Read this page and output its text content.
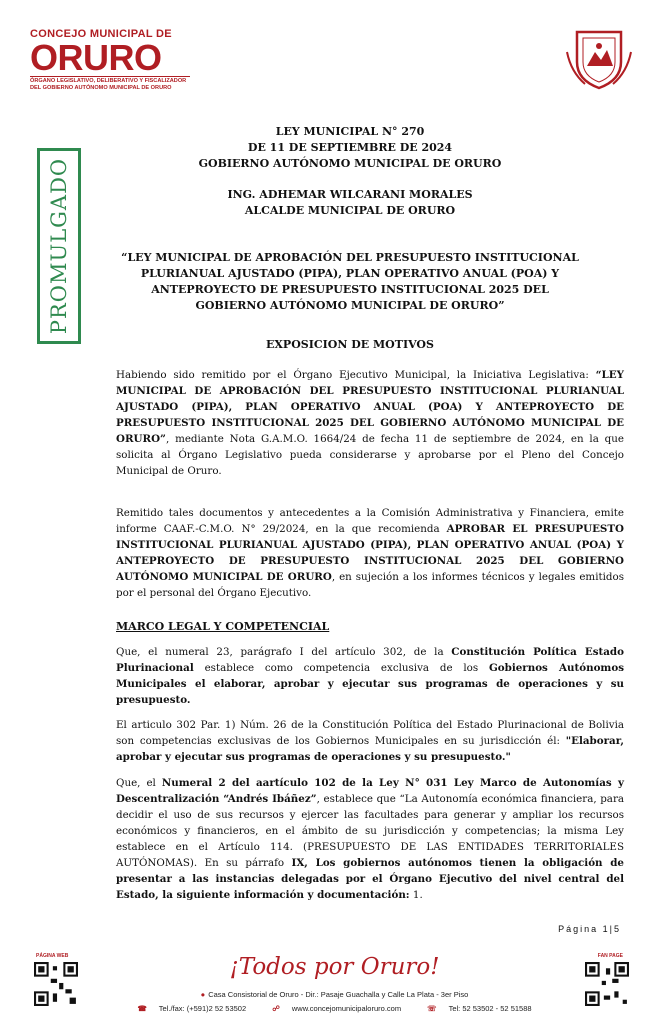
CONCEJO MUNICIPAL DE
ORURO
ÓRGANO LEGISLATIVO, DELIBERATIVO Y FISCALIZADOR
DEL GOBIERNO AUTÓNOMO MUNICIPAL DE ORURO
PROMULGADO
LEY MUNICIPAL N° 270
DE 11 DE SEPTIEMBRE DE 2024
GOBIERNO AUTÓNOMO MUNICIPAL DE ORURO
ING. ADHEMAR WILCARANI MORALES
ALCALDE MUNICIPAL DE ORURO
“LEY MUNICIPAL DE APROBACIÓN DEL PRESUPUESTO INSTITUCIONAL
PLURIANUAL AJUSTADO (PIPA), PLAN OPERATIVO ANUAL (POA) Y
ANTEPROYECTO DE PRESUPUESTO INSTITUCIONAL 2025 DEL
GOBIERNO AUTÓNOMO MUNICIPAL DE ORURO”
EXPOSICION DE MOTIVOS
Habiendo sido remitido por el Órgano Ejecutivo Municipal, la Iniciativa Legislativa: “LEY MUNICIPAL DE APROBACIÓN DEL PRESUPUESTO INSTITUCIONAL PLURIANUAL AJUSTADO (PIPA), PLAN OPERATIVO ANUAL (POA) Y ANTEPROYECTO DE PRESUPUESTO INSTITUCIONAL 2025 DEL GOBIERNO AUTÓNOMO MUNICIPAL DE ORURO”, mediante Nota G.A.M.O. 1664/24 de fecha 11 de septiembre de 2024, en la que solicita al Órgano Legislativo pueda considerarse y aprobarse por el Pleno del Concejo Municipal de Oruro.
Remitido tales documentos y antecedentes a la Comisión Administrativa y Financiera, emite informe CAAF.-C.M.O. N° 29/2024, en la que recomienda APROBAR EL PRESUPUESTO INSTITUCIONAL PLURIANUAL AJUSTADO (PIPA), PLAN OPERATIVO ANUAL (POA) Y ANTEPROYECTO DE PRESUPUESTO INSTITUCIONAL 2025 DEL GOBIERNO AUTÓNOMO MUNICIPAL DE ORURO, en sujeción a los informes técnicos y legales emitidos por el personal del Órgano Ejecutivo.
MARCO LEGAL Y COMPETENCIAL
Que, el numeral 23, parágrafo I del artículo 302, de la Constitución Política Estado Plurinacional establece como competencia exclusiva de los Gobiernos Autónomos Municipales el elaborar, aprobar y ejecutar sus programas de operaciones y su presupuesto.
El articulo 302 Par. 1) Núm. 26 de la Constitución Política del Estado Plurinacional de Bolivia son competencias exclusivas de los Gobiernos Municipales en su jurisdicción él: "Elaborar, aprobar y ejecutar sus programas de operaciones y su presupuesto."
Que, el Numeral 2 del aartículo 102 de la Ley N° 031 Ley Marco de Autonomías y Descentralización “Andrés Ibáñez”, establece que “La Autonomía económica financiera, para decidir el uso de sus recursos y ejercer las facultades para generar y ampliar los recursos económicos y financieros, en el ámbito de su jurisdicción y competencias; la misma Ley establece en el Artículo 114. (PRESUPUESTO DE LAS ENTIDADES TERRITORIALES AUTÓNOMAS). En su párrafo IX, Los gobiernos autónomos tienen la obligación de presentar a las instancias delegadas por el Órgano Ejecutivo del nivel central del Estado, la siguiente información y documentación: 1.
Página 1|5
PÁGINA WEB	FAN PAGE
¡Todos por Oruro!
● Casa Consistorial de Oruro - Dir.: Pasaje Guachalla y Calle La Plata - 3er Piso
☎ Tel./fax: (+591)2 52 53502	☍ www.concejomunicipaloruro.com	☏ Tel: 52 53502 - 52 51588
